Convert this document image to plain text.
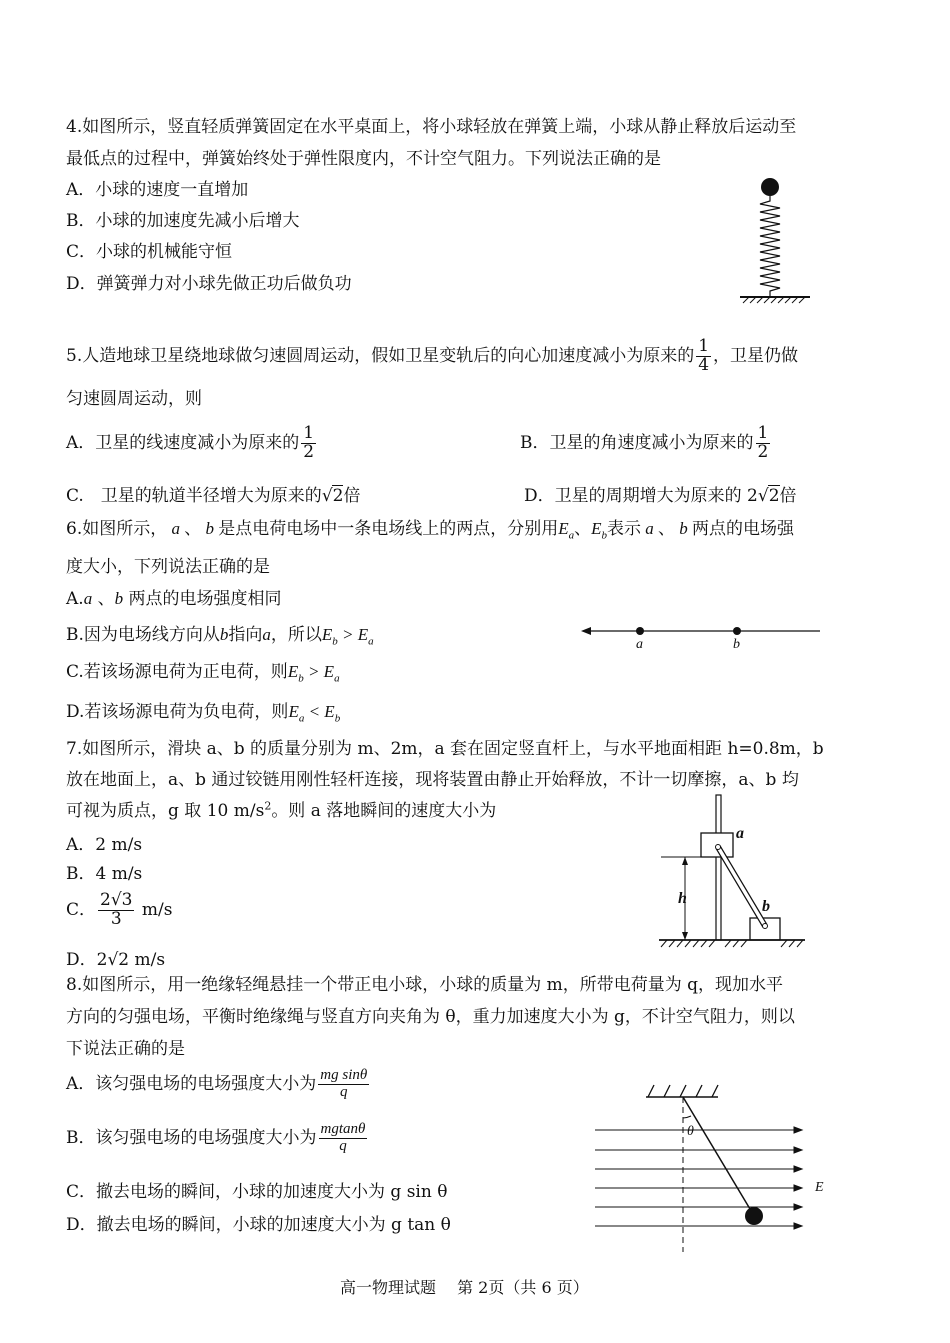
4.如图所示，竖直轻质弹簧固定在水平桌面上，将小球轻放在弹簧上端，小球从静止释放后运动至
最低点的过程中，弹簧始终处于弹性限度内，不计空气阻力。下列说法正确的是
A．小球的速度一直增加
B．小球的加速度先减小后增大
C．小球的机械能守恒
D．弹簧弹力对小球先做正功后做负功
5.人造地球卫星绕地球做匀速圆周运动，假如卫星变轨后的向心加速度减小为原来的 $\frac{1}{4}$ ，卫星仍做
匀速圆周运动，则
A．卫星的线速度减小为原来的 $\frac{1}{2}$	B．卫星的角速度减小为原来的 $\frac{1}{2}$
C.　卫星的轨道半径增大为原来的√2倍	D．卫星的周期增大为原来的 2√2倍
6.如图所示， a 、 b 是点电荷电场中一条电场线上的两点，分别用$E_a$、$E_b$表示 a 、 b 两点的电场强
度大小，下列说法正确的是
A.a 、b 两点的电场强度相同
B.因为电场线方向从b指向a，所以$E_b > E_a$
C.若该场源电荷为正电荷，则$E_b > E_a$
D.若该场源电荷为负电荷，则$E_a < E_b$
a	b
7.如图所示，滑块 a、b 的质量分别为 m、2m，a 套在固定竖直杆上，与水平地面相距 h=0.8m，b
放在地面上，a、b 通过铰链用刚性轻杆连接，现将装置由静止开始释放，不计一切摩擦，a、b 均
可视为质点，g 取 10 $m/s^2$。则 a 落地瞬间的速度大小为
A．2 m/s
B．4 m/s
C． $\frac{2√3}{3} m/s$
D．2√2 m/s
a
b
h
8.如图所示，用一绝缘轻绳悬挂一个带正电小球，小球的质量为 m，所带电荷量为 q，现加水平
方向的匀强电场，平衡时绝缘绳与竖直方向夹角为 θ，重力加速度大小为 g，不计空气阻力，则以
下说法正确的是
A．该匀强电场的电场强度大小为 $\frac{\text{mg sinθ}}{q}$
B．该匀强电场的电场强度大小为 $\frac{mgtan\theta}{q}$
C．撤去电场的瞬间，小球的加速度大小为 g sin θ
D．撤去电场的瞬间，小球的加速度大小为 g tan θ
θ
E
高一物理试题　 第 2页（共 6 页）
